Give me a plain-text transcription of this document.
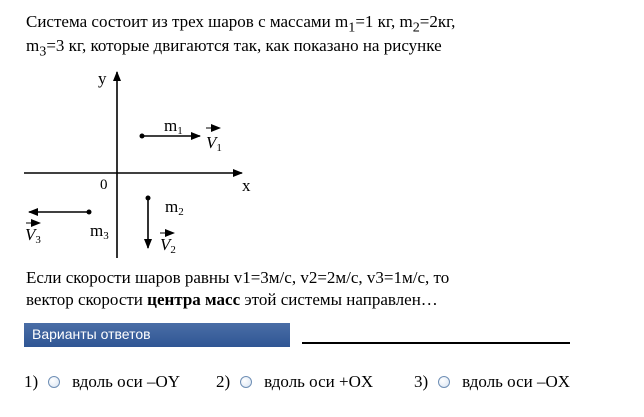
Система состоит из трех шаров с массами $m_1=1$ кг, $m_2=2кг$,
$m_3=3$ кг, которые двигаются так, как показано на рисунке
y
x
0
m1
V1
m2
V2
m3
V3
Если скорости шаров равны v1=3м/с, v2=2м/с, v3=1м/с, то
вектор скорости центра масс этой системы направлен…
Варианты ответов
1) вдоль оси –OY 2) вдоль оси +OX 3) вдоль оси –OX
